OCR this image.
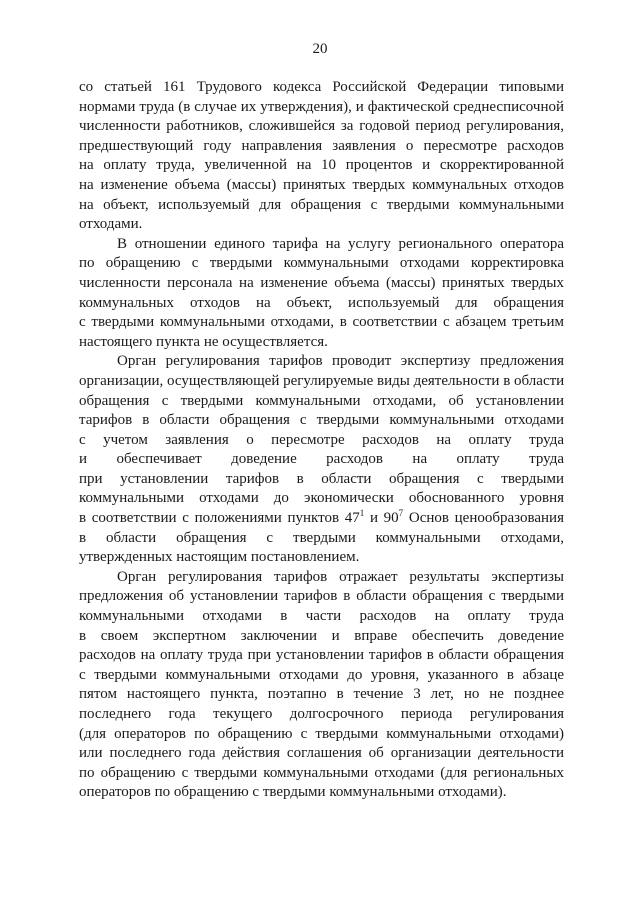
20

со статьей 161 Трудового кодекса Российской Федерации типовыми
нормами труда (в случае их утверждения), и фактической среднесписочной
численности работников, сложившейся за годовой период регулирования,
предшествующий году направления заявления о пересмотре расходов
на оплату труда, увеличенной на 10 процентов и скорректированной
на изменение объема (массы) принятых твердых коммунальных отходов
на объект, используемый для обращения с твердыми коммунальными
отходами.

В отношении единого тарифа на услугу регионального оператора
по обращению с твердыми коммунальными отходами корректировка
численности персонала на изменение объема (массы) принятых твердых
коммунальных отходов на объект, используемый для обращения
с твердыми коммунальными отходами, в соответствии с абзацем третьим
настоящего пункта не осуществляется.

Орган регулирования тарифов проводит экспертизу предложения
организации, осуществляющей регулируемые виды деятельности в области
обращения с твердыми коммунальными отходами, об установлении
тарифов в области обращения с твердыми коммунальными отходами
с учетом заявления о пересмотре расходов на оплату труда
и обеспечивает доведение расходов на оплату труда
при установлении тарифов в области обращения с твердыми
коммунальными отходами до экономически обоснованного уровня
в соответствии с положениями пунктов $47^1$ и $90^7$ Основ ценообразования
в области обращения с твердыми коммунальными отходами,
утвержденных настоящим постановлением.

Орган регулирования тарифов отражает результаты экспертизы
предложения об установлении тарифов в области обращения с твердыми
коммунальными отходами в части расходов на оплату труда
в своем экспертном заключении и вправе обеспечить доведение
расходов на оплату труда при установлении тарифов в области обращения
с твердыми коммунальными отходами до уровня, указанного в абзаце
пятом настоящего пункта, поэтапно в течение 3 лет, но не позднее
последнего года текущего долгосрочного периода регулирования
(для операторов по обращению с твердыми коммунальными отходами)
или последнего года действия соглашения об организации деятельности
по обращению с твердыми коммунальными отходами (для региональных
операторов по обращению с твердыми коммунальными отходами).
